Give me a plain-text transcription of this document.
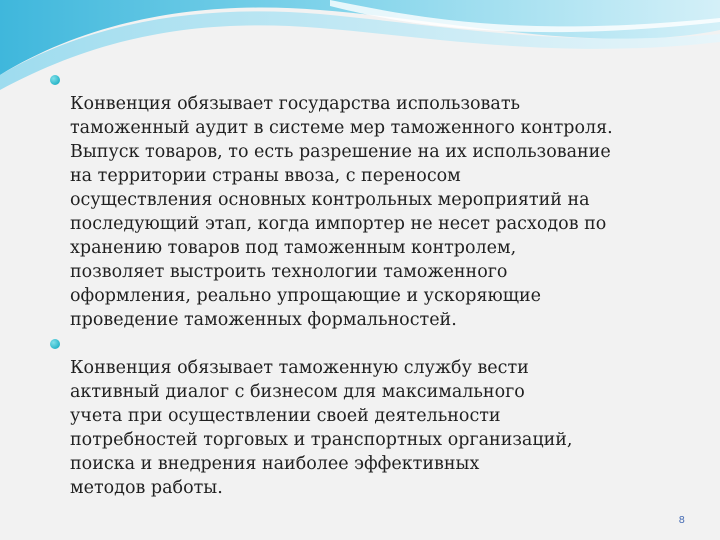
Конвенция обязывает государства использовать
таможенный аудит в системе мер таможенного контроля.
Выпуск товаров, то есть разрешение на их использование
на территории страны ввоза, с переносом
осуществления основных контрольных мероприятий на
последующий этап, когда импортер не несет расходов по
хранению товаров под таможенным контролем,
позволяет выстроить технологии таможенного
оформления, реально упрощающие и ускоряющие
проведение таможенных формальностей.

Конвенция обязывает таможенную службу вести
активный диалог с бизнесом для максимального
учета при осуществлении своей деятельности
потребностей торговых и транспортных организаций,
поиска и внедрения наиболее эффективных
методов работы.

8
